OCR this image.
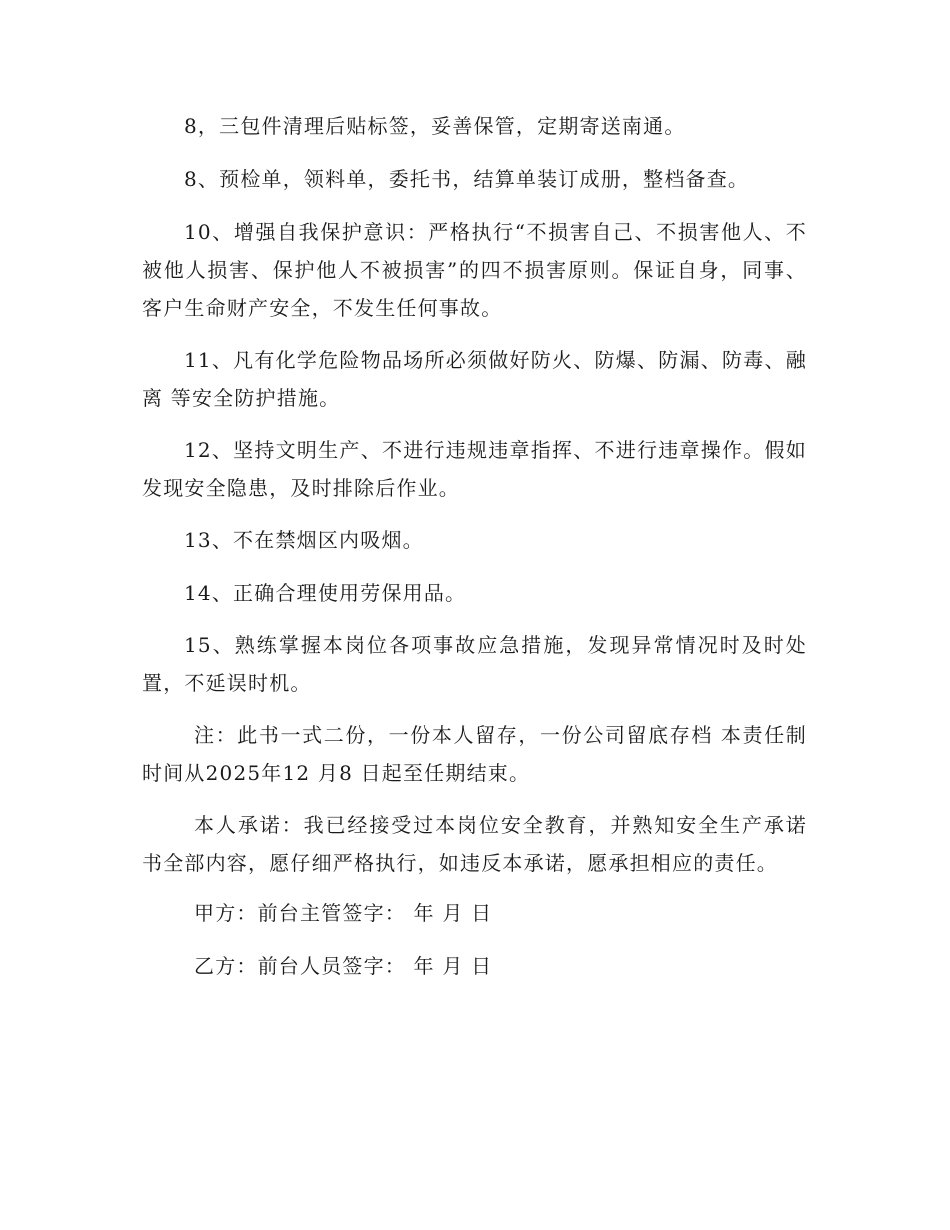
8，三包件清理后贴标签，妥善保管，定期寄送南通。

8、预检单，领料单，委托书，结算单装订成册，整档备查。

10、增强自我保护意识：严格执行“不损害自己、不损害他人、不被他人损害、保护他人不被损害”的四不损害原则。保证自身，同事、客户生命财产安全，不发生任何事故。

11、凡有化学危险物品场所必须做好防火、防爆、防漏、防毒、融离 等安全防护措施。

12、坚持文明生产、不进行违规违章指挥、不进行违章操作。假如发现安全隐患，及时排除后作业。

13、不在禁烟区内吸烟。

14、正确合理使用劳保用品。

15、熟练掌握本岗位各项事故应急措施，发现异常情况时及时处置，不延误时机。

注：此书一式二份，一份本人留存，一份公司留底存档 本责任制时间从2025年12 月8 日起至任期结束。

本人承诺：我已经接受过本岗位安全教育，并熟知安全生产承诺书全部内容，愿仔细严格执行，如违反本承诺，愿承担相应的责任。

甲方：前台主管签字： 年 月 日

乙方：前台人员签字： 年 月 日
